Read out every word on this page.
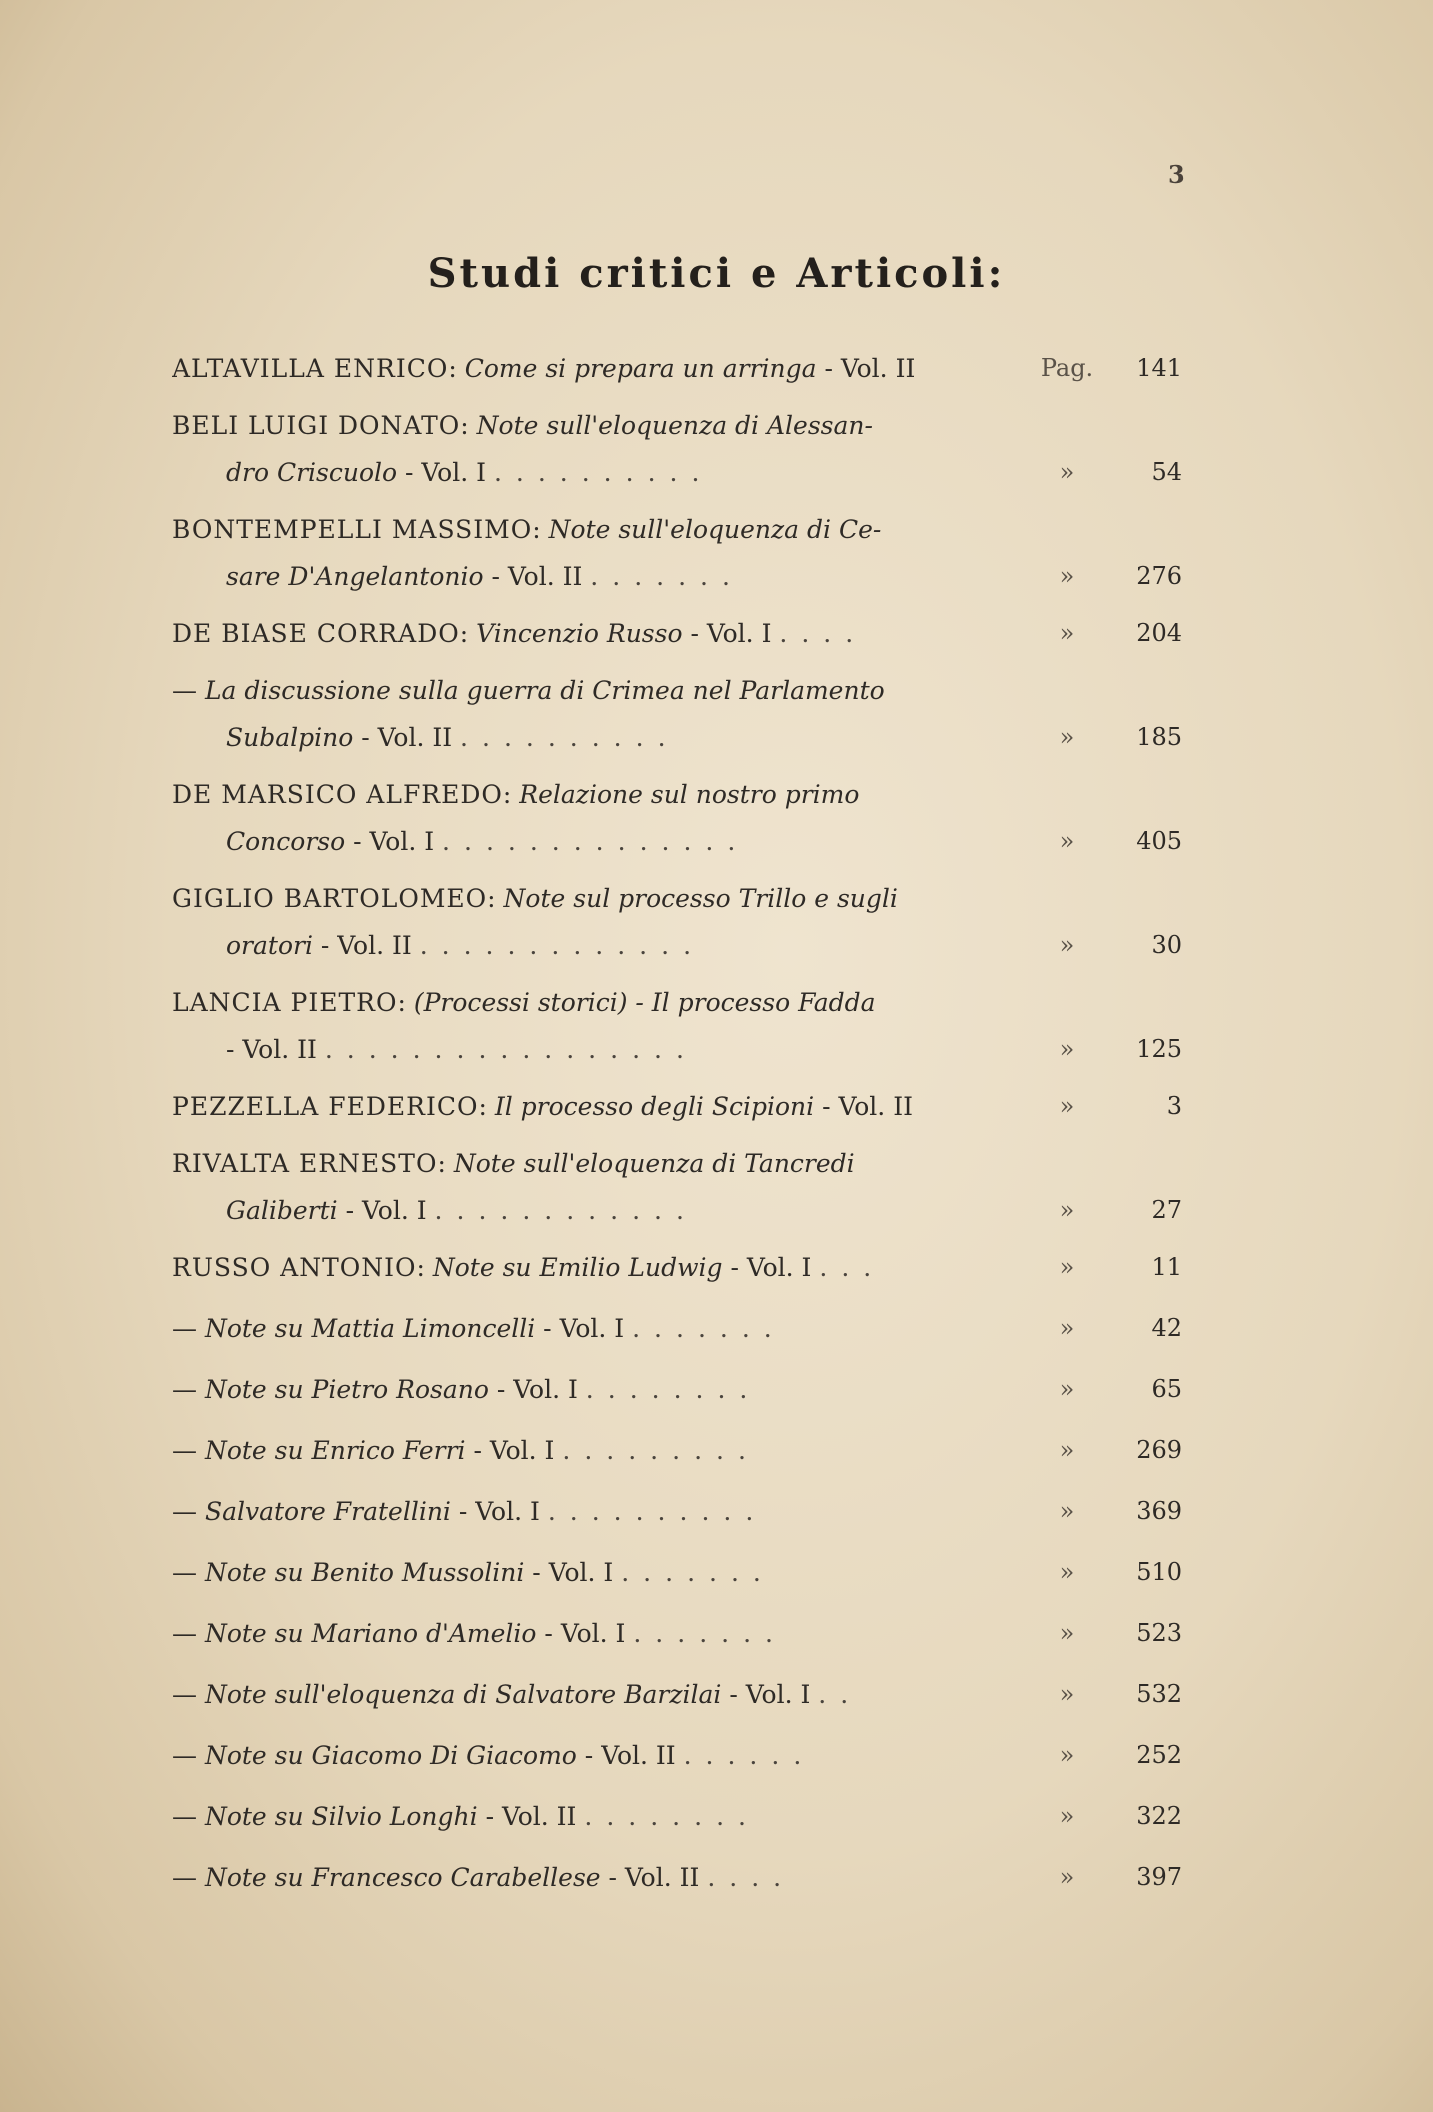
3
Studi critici e Articoli:
ALTAVILLA ENRICO: Come si prepara un arringa - Vol. II	Pag.	141
BELI LUIGI DONATO: Note sull'eloquenza di Alessan-
dro Criscuolo - Vol. I ..........	»	54
BONTEMPELLI MASSIMO: Note sull'eloquenza di Ce-
sare D'Angelantonio - Vol. II .......	»	276
DE BIASE CORRADO: Vincenzio Russo - Vol. I ....	»	204
— La discussione sulla guerra di Crimea nel Parlamento
Subalpino - Vol. II ..........	»	185
DE MARSICO ALFREDO: Relazione sul nostro primo
Concorso - Vol. I ..............	»	405
GIGLIO BARTOLOMEO: Note sul processo Trillo e sugli
oratori - Vol. II .............	»	30
LANCIA PIETRO: (Processi storici) - Il processo Fadda
- Vol. II .................	»	125
PEZZELLA FEDERICO: Il processo degli Scipioni - Vol. II	»	3
RIVALTA ERNESTO: Note sull'eloquenza di Tancredi
Galiberti - Vol. I ............	»	27
RUSSO ANTONIO: Note su Emilio Ludwig - Vol. I ...	»	11
— Note su Mattia Limoncelli - Vol. I .......	»	42
— Note su Pietro Rosano - Vol. I ........	»	65
— Note su Enrico Ferri - Vol. I .........	»	269
— Salvatore Fratellini - Vol. I ..........	»	369
— Note su Benito Mussolini - Vol. I .......	»	510
— Note su Mariano d'Amelio - Vol. I .......	»	523
— Note sull'eloquenza di Salvatore Barzilai - Vol. I ..	»	532
— Note su Giacomo Di Giacomo - Vol. II ......	»	252
— Note su Silvio Longhi - Vol. II ........	»	322
— Note su Francesco Carabellese - Vol. II ....	»	397
